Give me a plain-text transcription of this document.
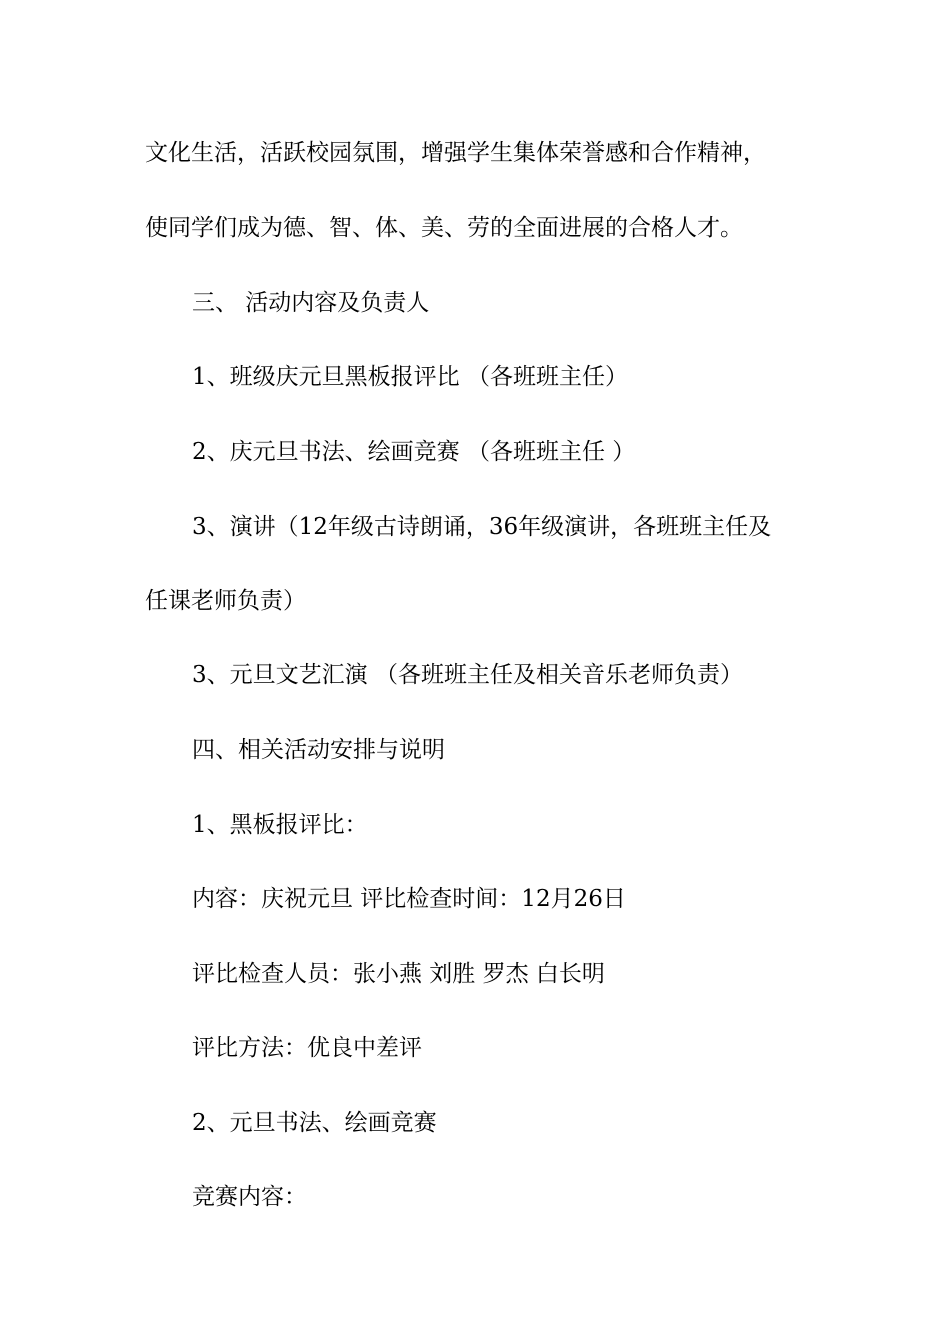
文化生活，活跃校园氛围，增强学生集体荣誉感和合作精神，
使同学们成为德、智、体、美、劳的全面进展的合格人才。
三、 活动内容及负责人
1、班级庆元旦黑板报评比 （各班班主任）
2、庆元旦书法、绘画竞赛 （各班班主任 ）
3、演讲（12年级古诗朗诵，36年级演讲，各班班主任及
任课老师负责）
3、元旦文艺汇演 （各班班主任及相关音乐老师负责）
四、相关活动安排与说明
1、黑板报评比：
内容：庆祝元旦 评比检查时间：12月26日
评比检查人员：张小燕 刘胜 罗杰 白长明
评比方法：优良中差评
2、元旦书法、绘画竞赛
竞赛内容：
